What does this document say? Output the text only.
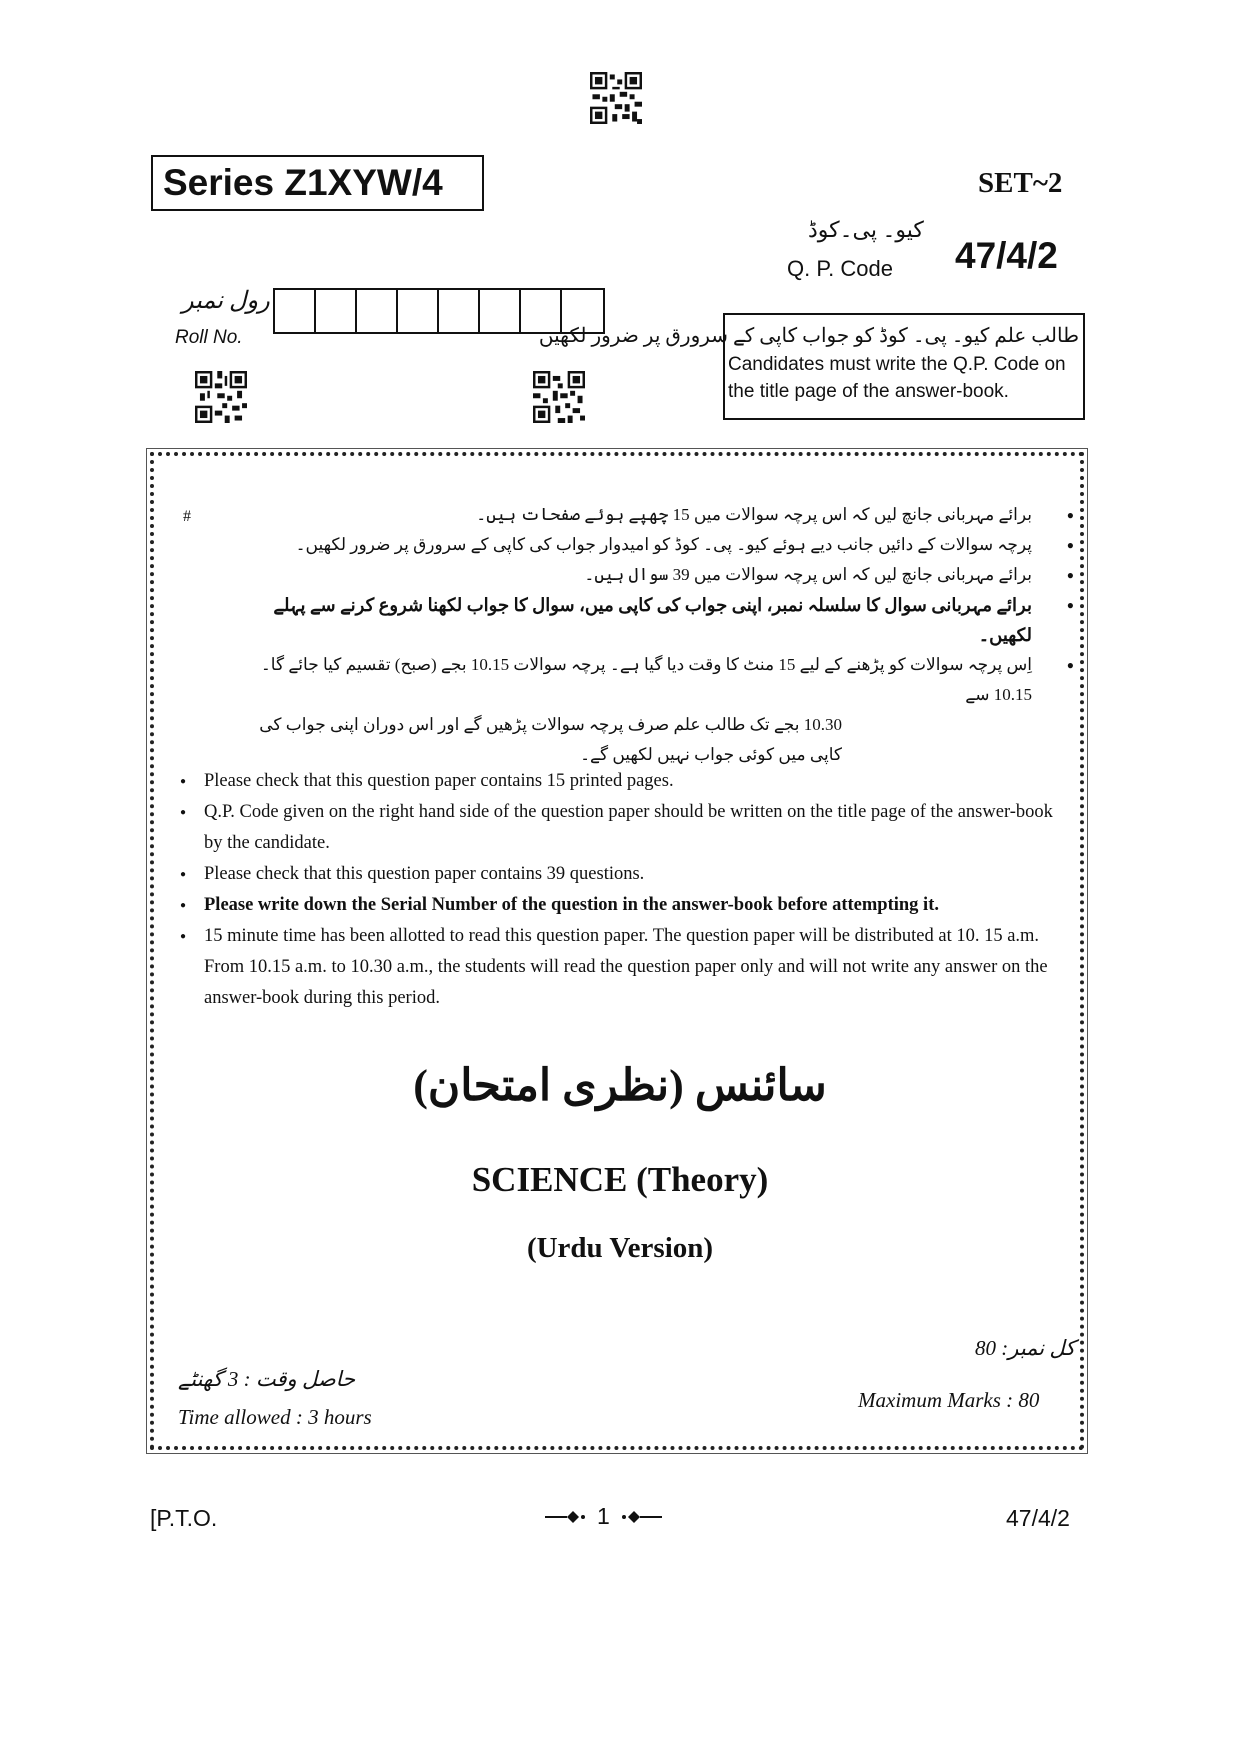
Series Z1XYW/4	SET~2
کیو۔ پی۔کوڈ
Q. P. Code 47/4/2
رول نمبر
Roll No.	طالب علم کیو۔ پی۔ کوڈ کو جواب کاپی کے سرورق پر ضرور لکھیں
Candidates must write the Q.P. Code on the title page of the answer-book.
#
●	برائے مہربانی جانچ لیں کہ اس پرچہ سوالات میں 15 چھپے ہوئے صفحات ہیں۔
● پرچہ سوالات کے دائیں جانب دیے ہوئے کیو۔ پی۔ کوڈ کو امیدوار جواب کی کاپی کے سرورق پر ضرور لکھیں۔
● برائے مہربانی جانچ لیں کہ اس پرچہ سوالات میں 39 سوال ہیں۔
● برائے مہربانی سوال کا سلسلہ نمبر، اپنی جواب کی کاپی میں، سوال کا جواب لکھنا شروع کرنے سے پہلے لکھیں۔
● اِس پرچہ سوالات کو پڑھنے کے لیے 15 منٹ کا وقت دیا گیا ہے۔ پرچہ سوالات 10.15 بجے (صبح) تقسیم کیا جائے گا۔ 10.15 سے
10.30 بجے تک طالب علم صرف پرچہ سوالات پڑھیں گے اور اس دوران اپنی جواب کی کاپی میں کوئی جواب نہیں لکھیں گے۔
● Please check that this question paper contains 15 printed pages.
● Q.P. Code given on the right hand side of the question paper should be written on the title page of the answer-book by the candidate.
● Please check that this question paper contains 39 questions.
● Please write down the Serial Number of the question in the answer-book before attempting it.
● 15 minute time has been allotted to read this question paper. The question paper will be distributed at 10. 15 a.m. From 10.15 a.m. to 10.30 a.m., the students will read the question paper only and will not write any answer on the answer-book during this period.
سائنس (نظری امتحان)
SCIENCE (Theory)
(Urdu Version)
حاصل وقت : 3 گھنٹے
Time allowed : 3 hours
کل نمبر: 80
Maximum Marks : 80
[P.T.O.	1	47/4/2
